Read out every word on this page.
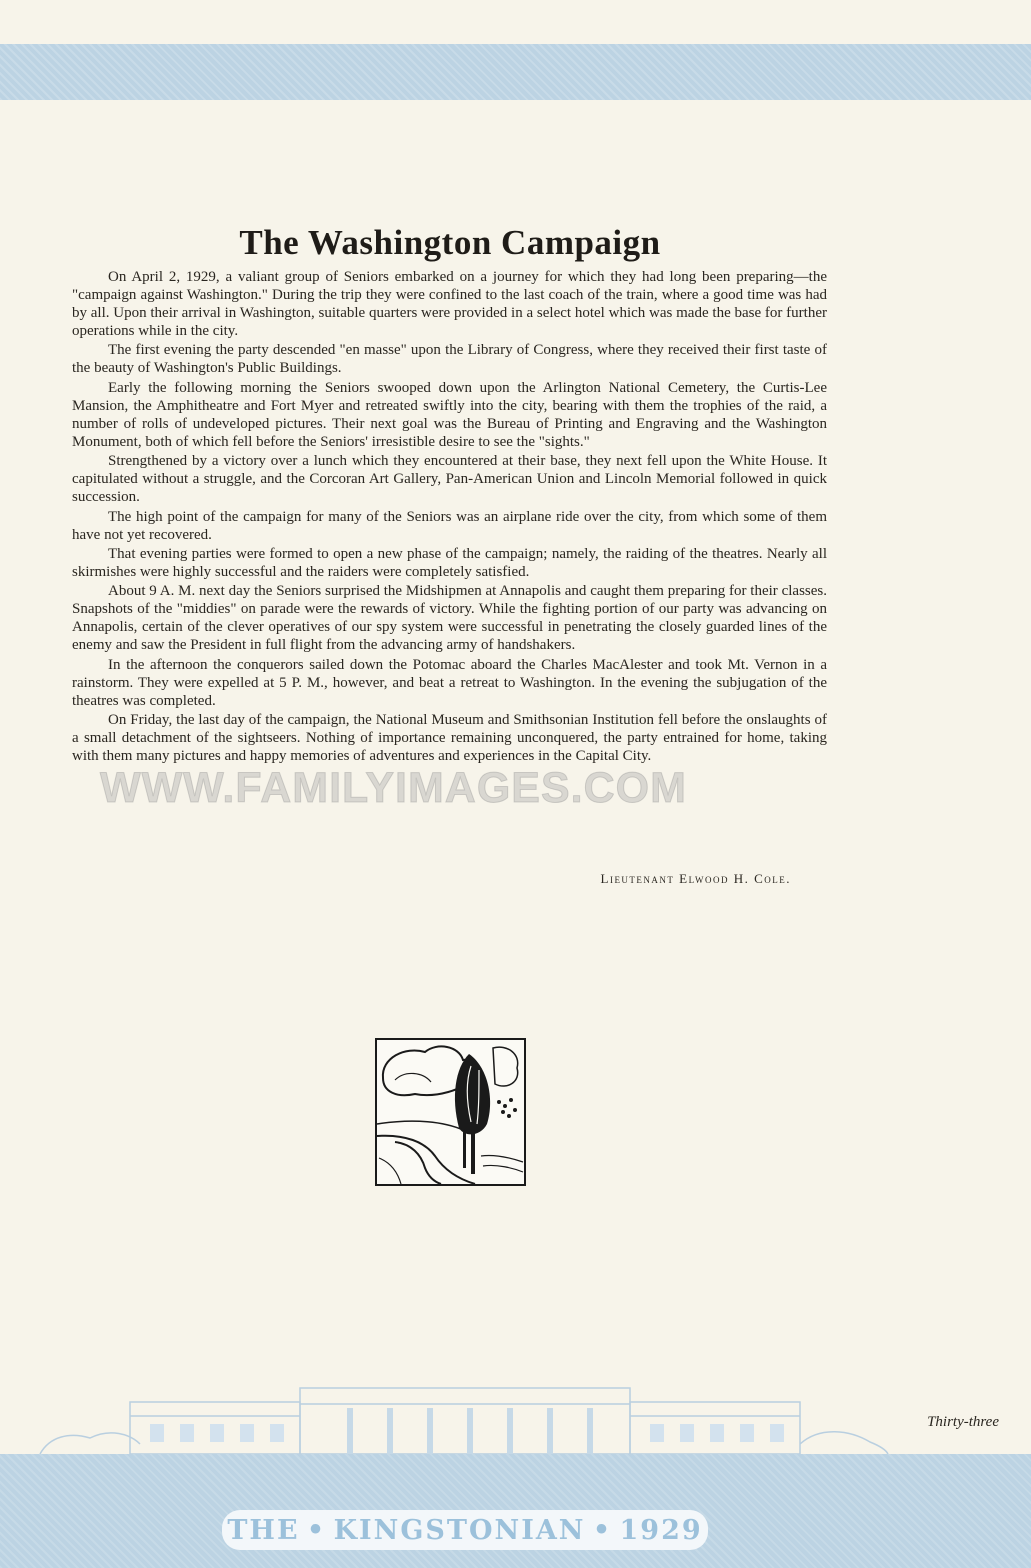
The Washington Campaign

On April 2, 1929, a valiant group of Seniors embarked on a journey for which they had long been preparing—the "campaign against Washington." During the trip they were confined to the last coach of the train, where a good time was had by all. Upon their arrival in Washington, suitable quarters were provided in a select hotel which was made the base for further operations while in the city.

The first evening the party descended "en masse" upon the Library of Congress, where they received their first taste of the beauty of Washington's Public Buildings.

Early the following morning the Seniors swooped down upon the Arlington National Cemetery, the Curtis-Lee Mansion, the Amphitheatre and Fort Myer and retreated swiftly into the city, bearing with them the trophies of the raid, a number of rolls of undeveloped pictures. Their next goal was the Bureau of Printing and Engraving and the Washington Monument, both of which fell before the Seniors' irresistible desire to see the "sights."

Strengthened by a victory over a lunch which they encountered at their base, they next fell upon the White House. It capitulated without a struggle, and the Corcoran Art Gallery, Pan-American Union and Lincoln Memorial followed in quick succession.

The high point of the campaign for many of the Seniors was an airplane ride over the city, from which some of them have not yet recovered.

That evening parties were formed to open a new phase of the campaign; namely, the raiding of the theatres. Nearly all skirmishes were highly successful and the raiders were completely satisfied.

About 9 A. M. next day the Seniors surprised the Midshipmen at Annapolis and caught them preparing for their classes. Snapshots of the "middies" on parade were the rewards of victory. While the fighting portion of our party was advancing on Annapolis, certain of the clever operatives of our spy system were successful in penetrating the closely guarded lines of the enemy and saw the President in full flight from the advancing army of handshakers.

In the afternoon the conquerors sailed down the Potomac aboard the Charles MacAlester and took Mt. Vernon in a rainstorm. They were expelled at 5 P. M., however, and beat a retreat to Washington. In the evening the subjugation of the theatres was completed.

On Friday, the last day of the campaign, the National Museum and Smithsonian Institution fell before the onslaughts of a small detachment of the sightseers. Nothing of importance remaining unconquered, the party entrained for home, taking with them many pictures and happy memories of adventures and experiences in the Capital City.

Lieutenant Elwood H. Cole.
WWW.FAMILYIMAGES.COM
Thirty-three
THE • KINGSTONIAN • 1929
